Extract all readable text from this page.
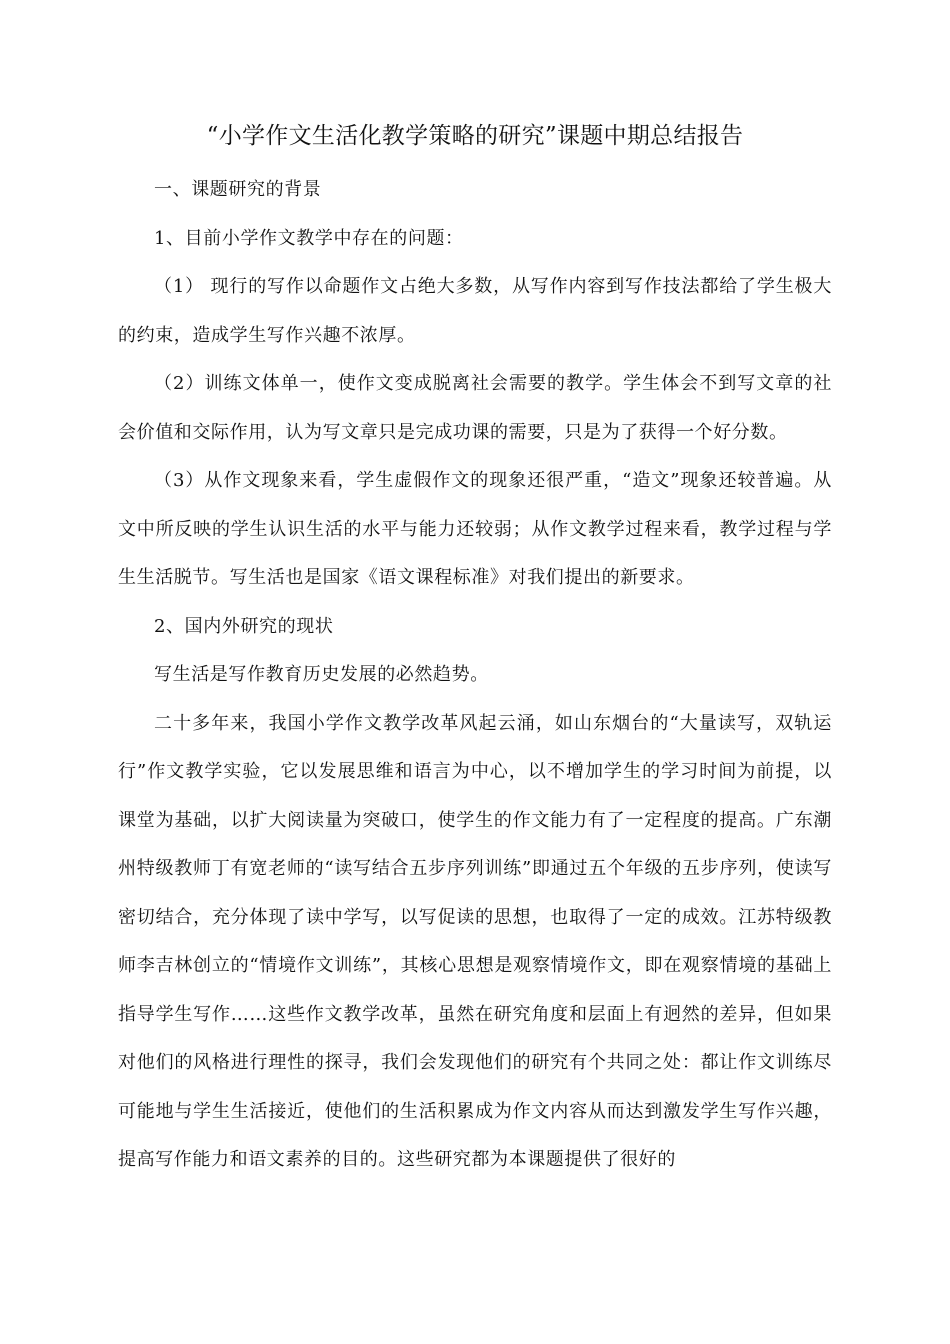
“小学作文生活化教学策略的研究”课题中期总结报告

一、课题研究的背景

1、目前小学作文教学中存在的问题：

（1） 现行的写作以命题作文占绝大多数，从写作内容到写作技法都给了学生极大的约束，造成学生写作兴趣不浓厚。

（2）训练文体单一，使作文变成脱离社会需要的教学。学生体会不到写文章的社会价值和交际作用，认为写文章只是完成功课的需要，只是为了获得一个好分数。

（3）从作文现象来看，学生虚假作文的现象还很严重，“造文”现象还较普遍。从文中所反映的学生认识生活的水平与能力还较弱；从作文教学过程来看，教学过程与学生生活脱节。写生活也是国家《语文课程标准》对我们提出的新要求。

2、国内外研究的现状

写生活是写作教育历史发展的必然趋势。

二十多年来，我国小学作文教学改革风起云涌，如山东烟台的“大量读写，双轨运行”作文教学实验，它以发展思维和语言为中心，以不增加学生的学习时间为前提，以课堂为基础，以扩大阅读量为突破口，使学生的作文能力有了一定程度的提高。广东潮州特级教师丁有宽老师的“读写结合五步序列训练”即通过五个年级的五步序列，使读写密切结合，充分体现了读中学写，以写促读的思想，也取得了一定的成效。江苏特级教师李吉林创立的“情境作文训练”，其核心思想是观察情境作文，即在观察情境的基础上指导学生写作……这些作文教学改革，虽然在研究角度和层面上有迥然的差异，但如果对他们的风格进行理性的探寻，我们会发现他们的研究有个共同之处：都让作文训练尽可能地与学生生活接近，使他们的生活积累成为作文内容从而达到激发学生写作兴趣，提高写作能力和语文素养的目的。这些研究都为本课题提供了很好的
